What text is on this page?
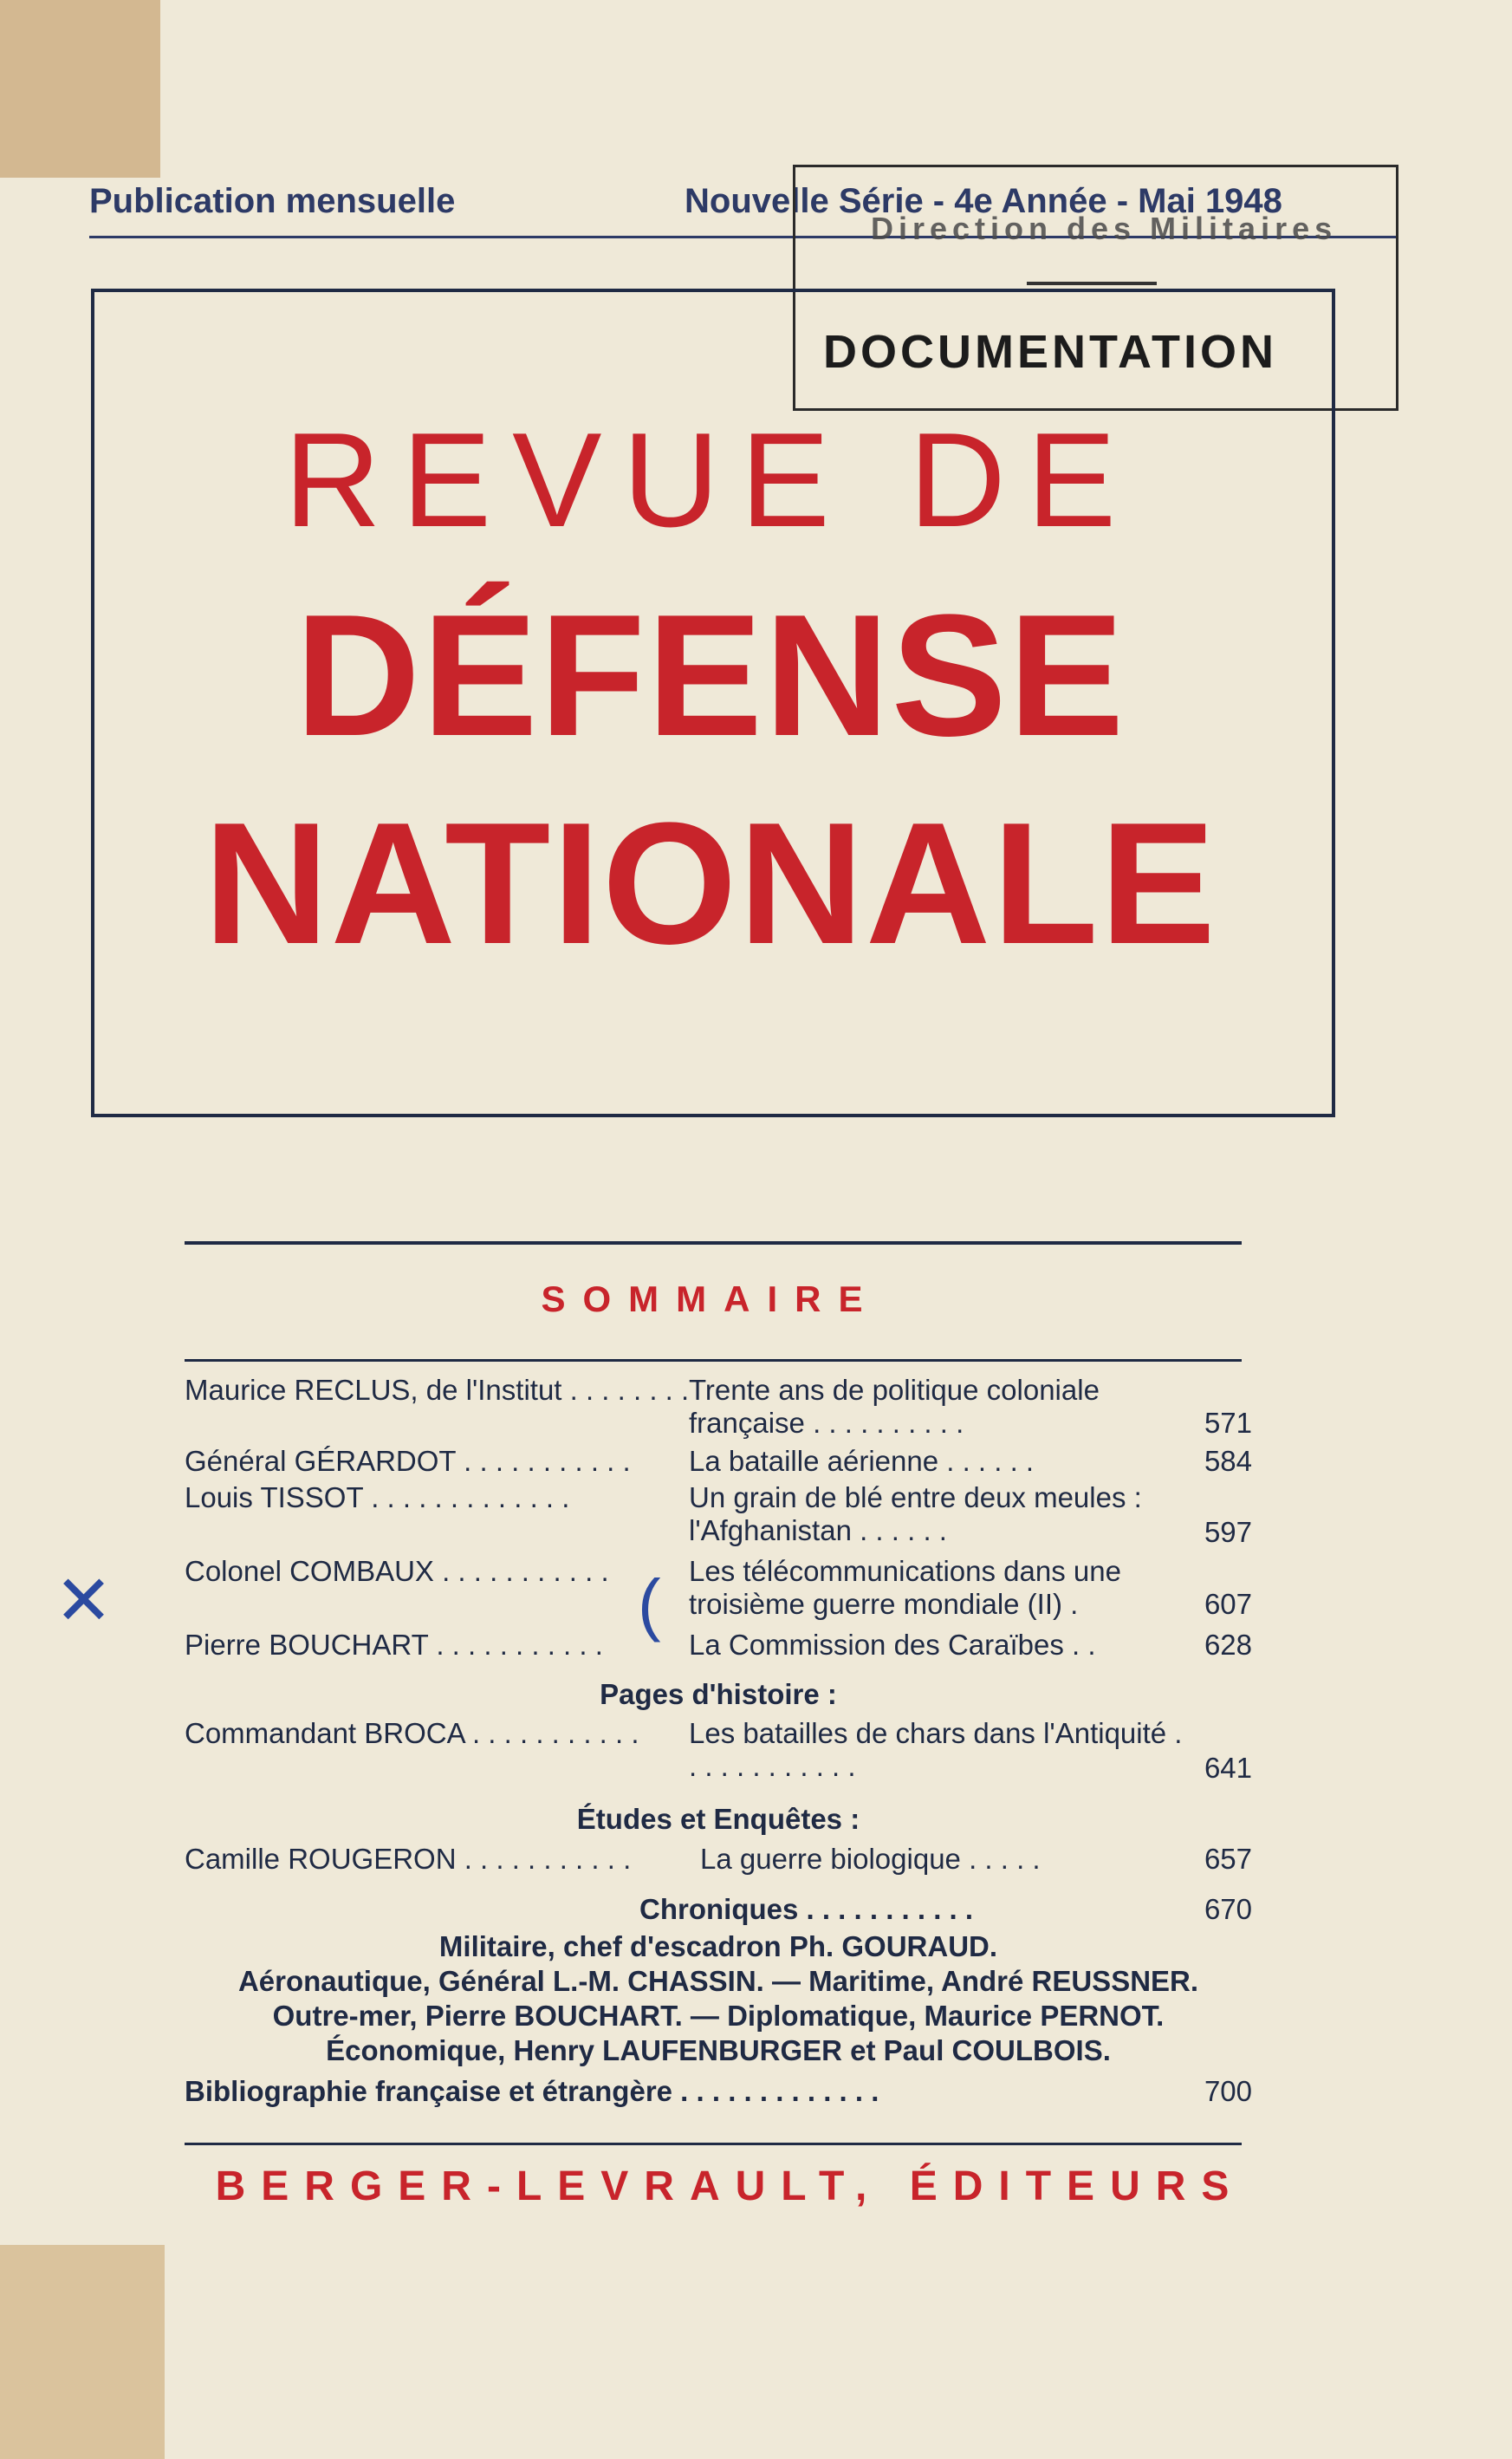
Publication mensuelle	Nouvelle Série - 4e Année - Mai 1948
Direction des Militaires
DOCUMENTATION
REVUE DE
DÉFENSE
NATIONALE
SOMMAIRE
✕	(
Maurice RECLUS, de l'Institut . . . . . . . . Trente ans de politique coloniale française . . . . . . . . . .	571
Général GÉRARDOT . . . . . . . . . . . La bataille aérienne . . . . . .	584
Louis TISSOT . . . . . . . . . . . . .	Un grain de blé entre deux meules : l'Afghanistan . . . . . .	597
Colonel COMBAUX . . . . . . . . . . .	Les télécommunications dans une troisième guerre mondiale (II) .	607
Pierre BOUCHART . . . . . . . . . . .	La Commission des Caraïbes . .	628
Pages d'histoire :
Commandant BROCA . . . . . . . . . . . Les batailles de chars dans l'Antiquité . . . . . . . . . . . .	641
Études et Enquêtes :
Camille ROUGERON . . . . . . . . . . . La guerre biologique . . . . .	657
Chroniques . . . . . . . . . . .	670
Militaire, chef d'escadron Ph. GOURAUD.
Aéronautique, Général L.-M. CHASSIN. — Maritime, André REUSSNER.
Outre-mer, Pierre BOUCHART. — Diplomatique, Maurice PERNOT.
Économique, Henry LAUFENBURGER et Paul COULBOIS.
Bibliographie française et étrangère . . . . . . . . . . . . .	700
BERGER-LEVRAULT, ÉDITEURS
